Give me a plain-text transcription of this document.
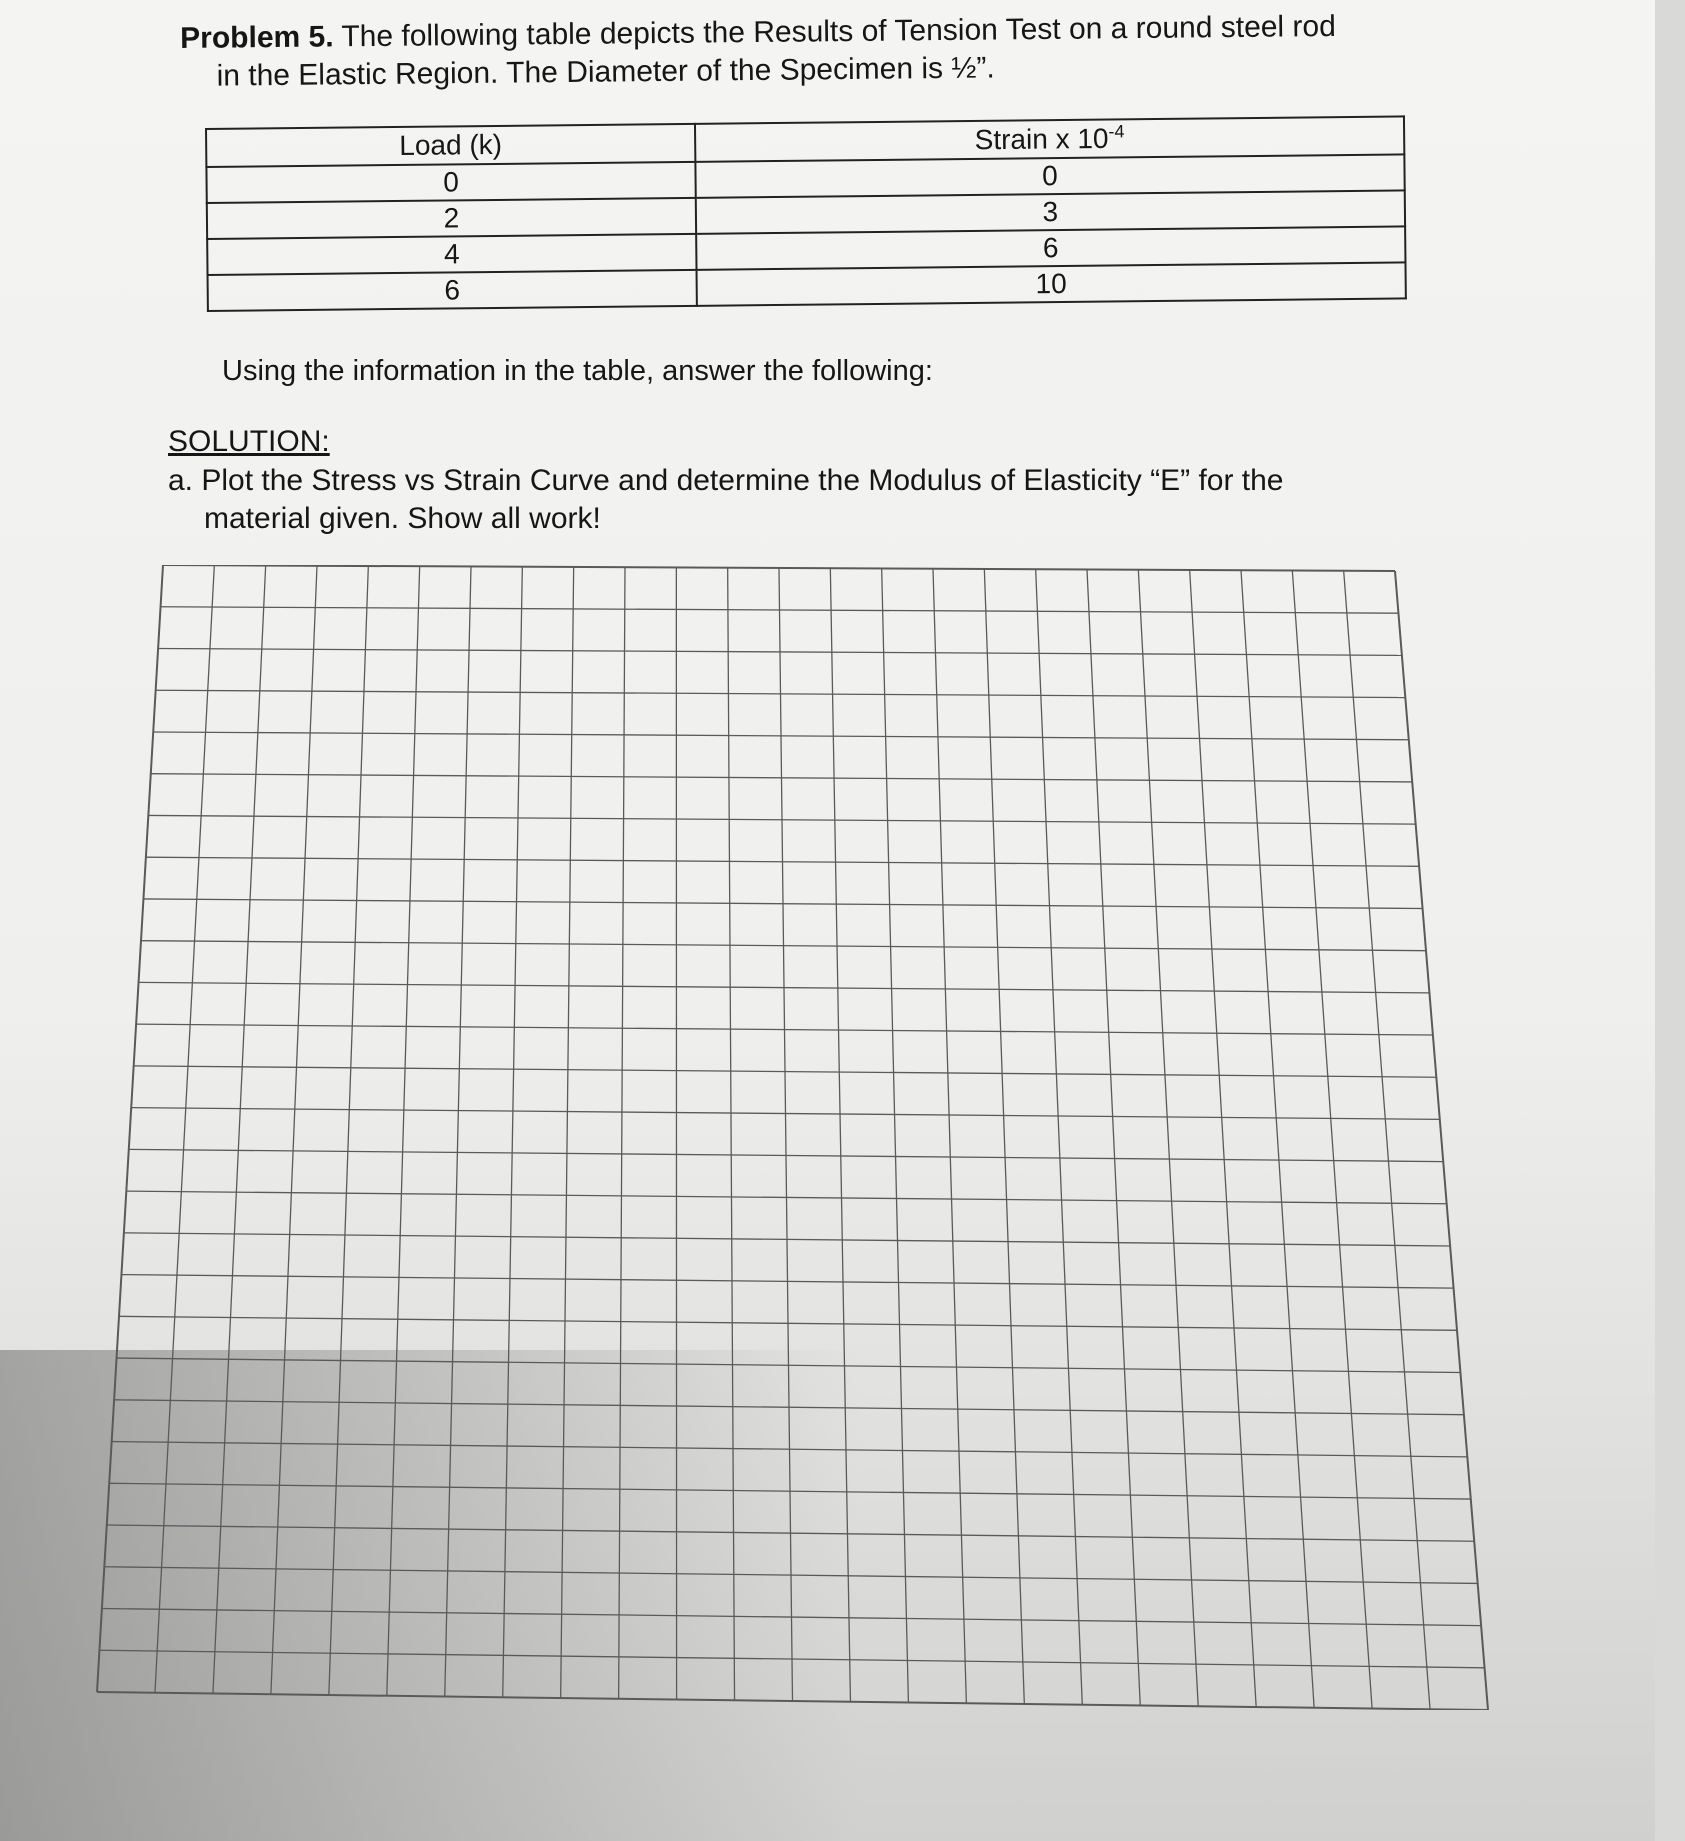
Problem 5. The following table depicts the Results of Tension Test on a round steel rod
in the Elastic Region. The Diameter of the Specimen is ½”.
Load (k)	Strain x $10^{-4}$
0	0
2	3
4	6
6	10
Using the information in the table, answer the following:
SOLUTION:
a. Plot the Stress vs Strain Curve and determine the Modulus of Elasticity “E” for the
material given. Show all work!
